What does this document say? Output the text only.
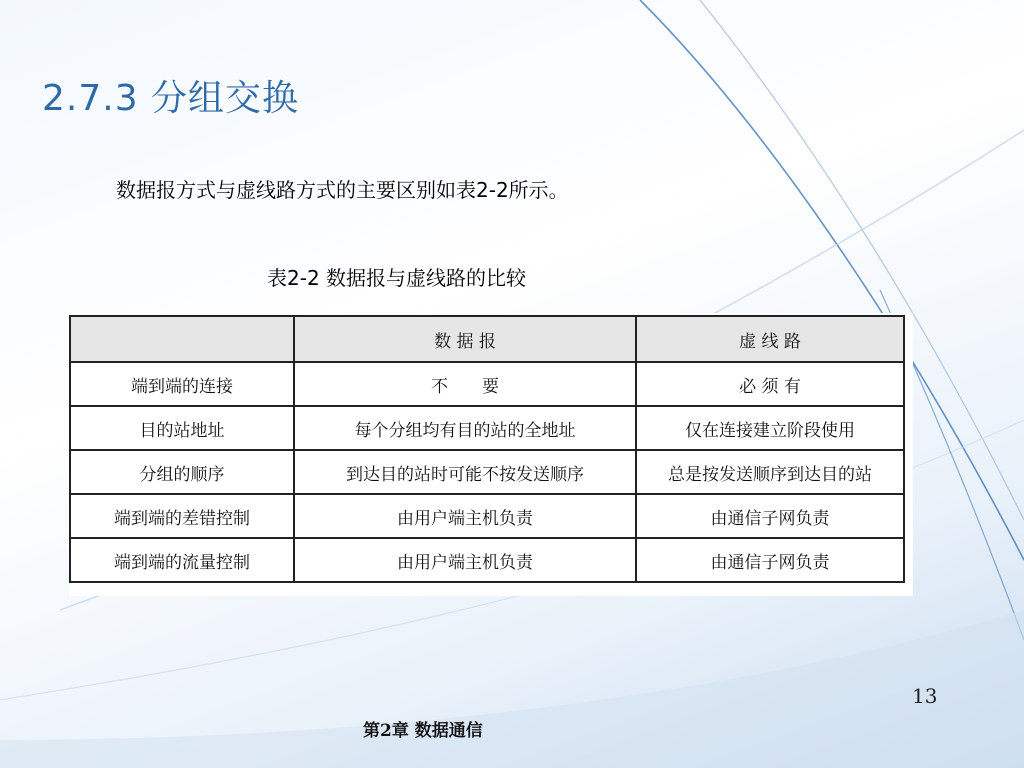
2.7.3 分组交换
数据报方式与虚线路方式的主要区别如表2-2所示。
表2-2 数据报与虚线路的比较
	数 据 报	虚 线 路
端到端的连接	不　　要	必 须 有
目的站地址	每个分组均有目的站的全地址	仅在连接建立阶段使用
分组的顺序	到达目的站时可能不按发送顺序	总是按发送顺序到达目的站
端到端的差错控制	由用户端主机负责	由通信子网负责
端到端的流量控制	由用户端主机负责	由通信子网负责
13
第2章 数据通信
